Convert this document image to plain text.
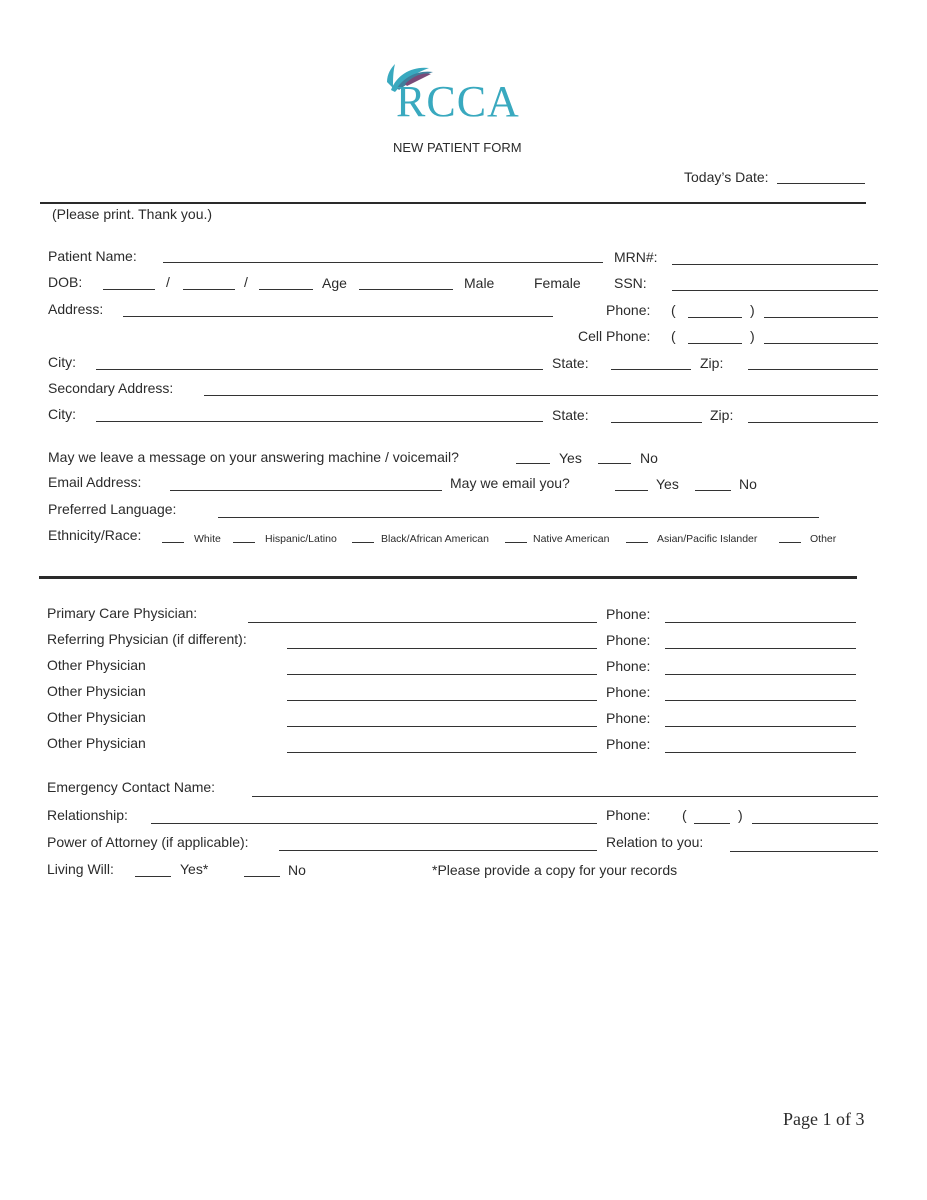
RCCA
NEW PATIENT FORM
Today’s Date:
(Please print. Thank you.)
Patient Name:	MRN#:
DOB:	/	/	Age	Male	Female SSN:
Address:	Phone: (	)
Cell Phone: (	)
City:	State:	Zip:
Secondary Address:
City:	State:	Zip:
May we leave a message on your answering machine / voicemail?	Yes	No
Email Address:	May we email you?	Yes	No
Preferred Language:
Ethnicity/Race:	White	Hispanic/Latino	Black/African American	Native American	Asian/Pacific Islander	Other
Primary Care Physician:	Phone:
Referring Physician (if different):	Phone:
Other Physician	Phone:
Other Physician	Phone:
Other Physician	Phone:
Other Physician	Phone:
Emergency Contact Name:
Relationship:	Phone: (	)
Power of Attorney (if applicable):	Relation to you:
Living Will:	Yes*	No	*Please provide a copy for your records
Page 1 of 3
